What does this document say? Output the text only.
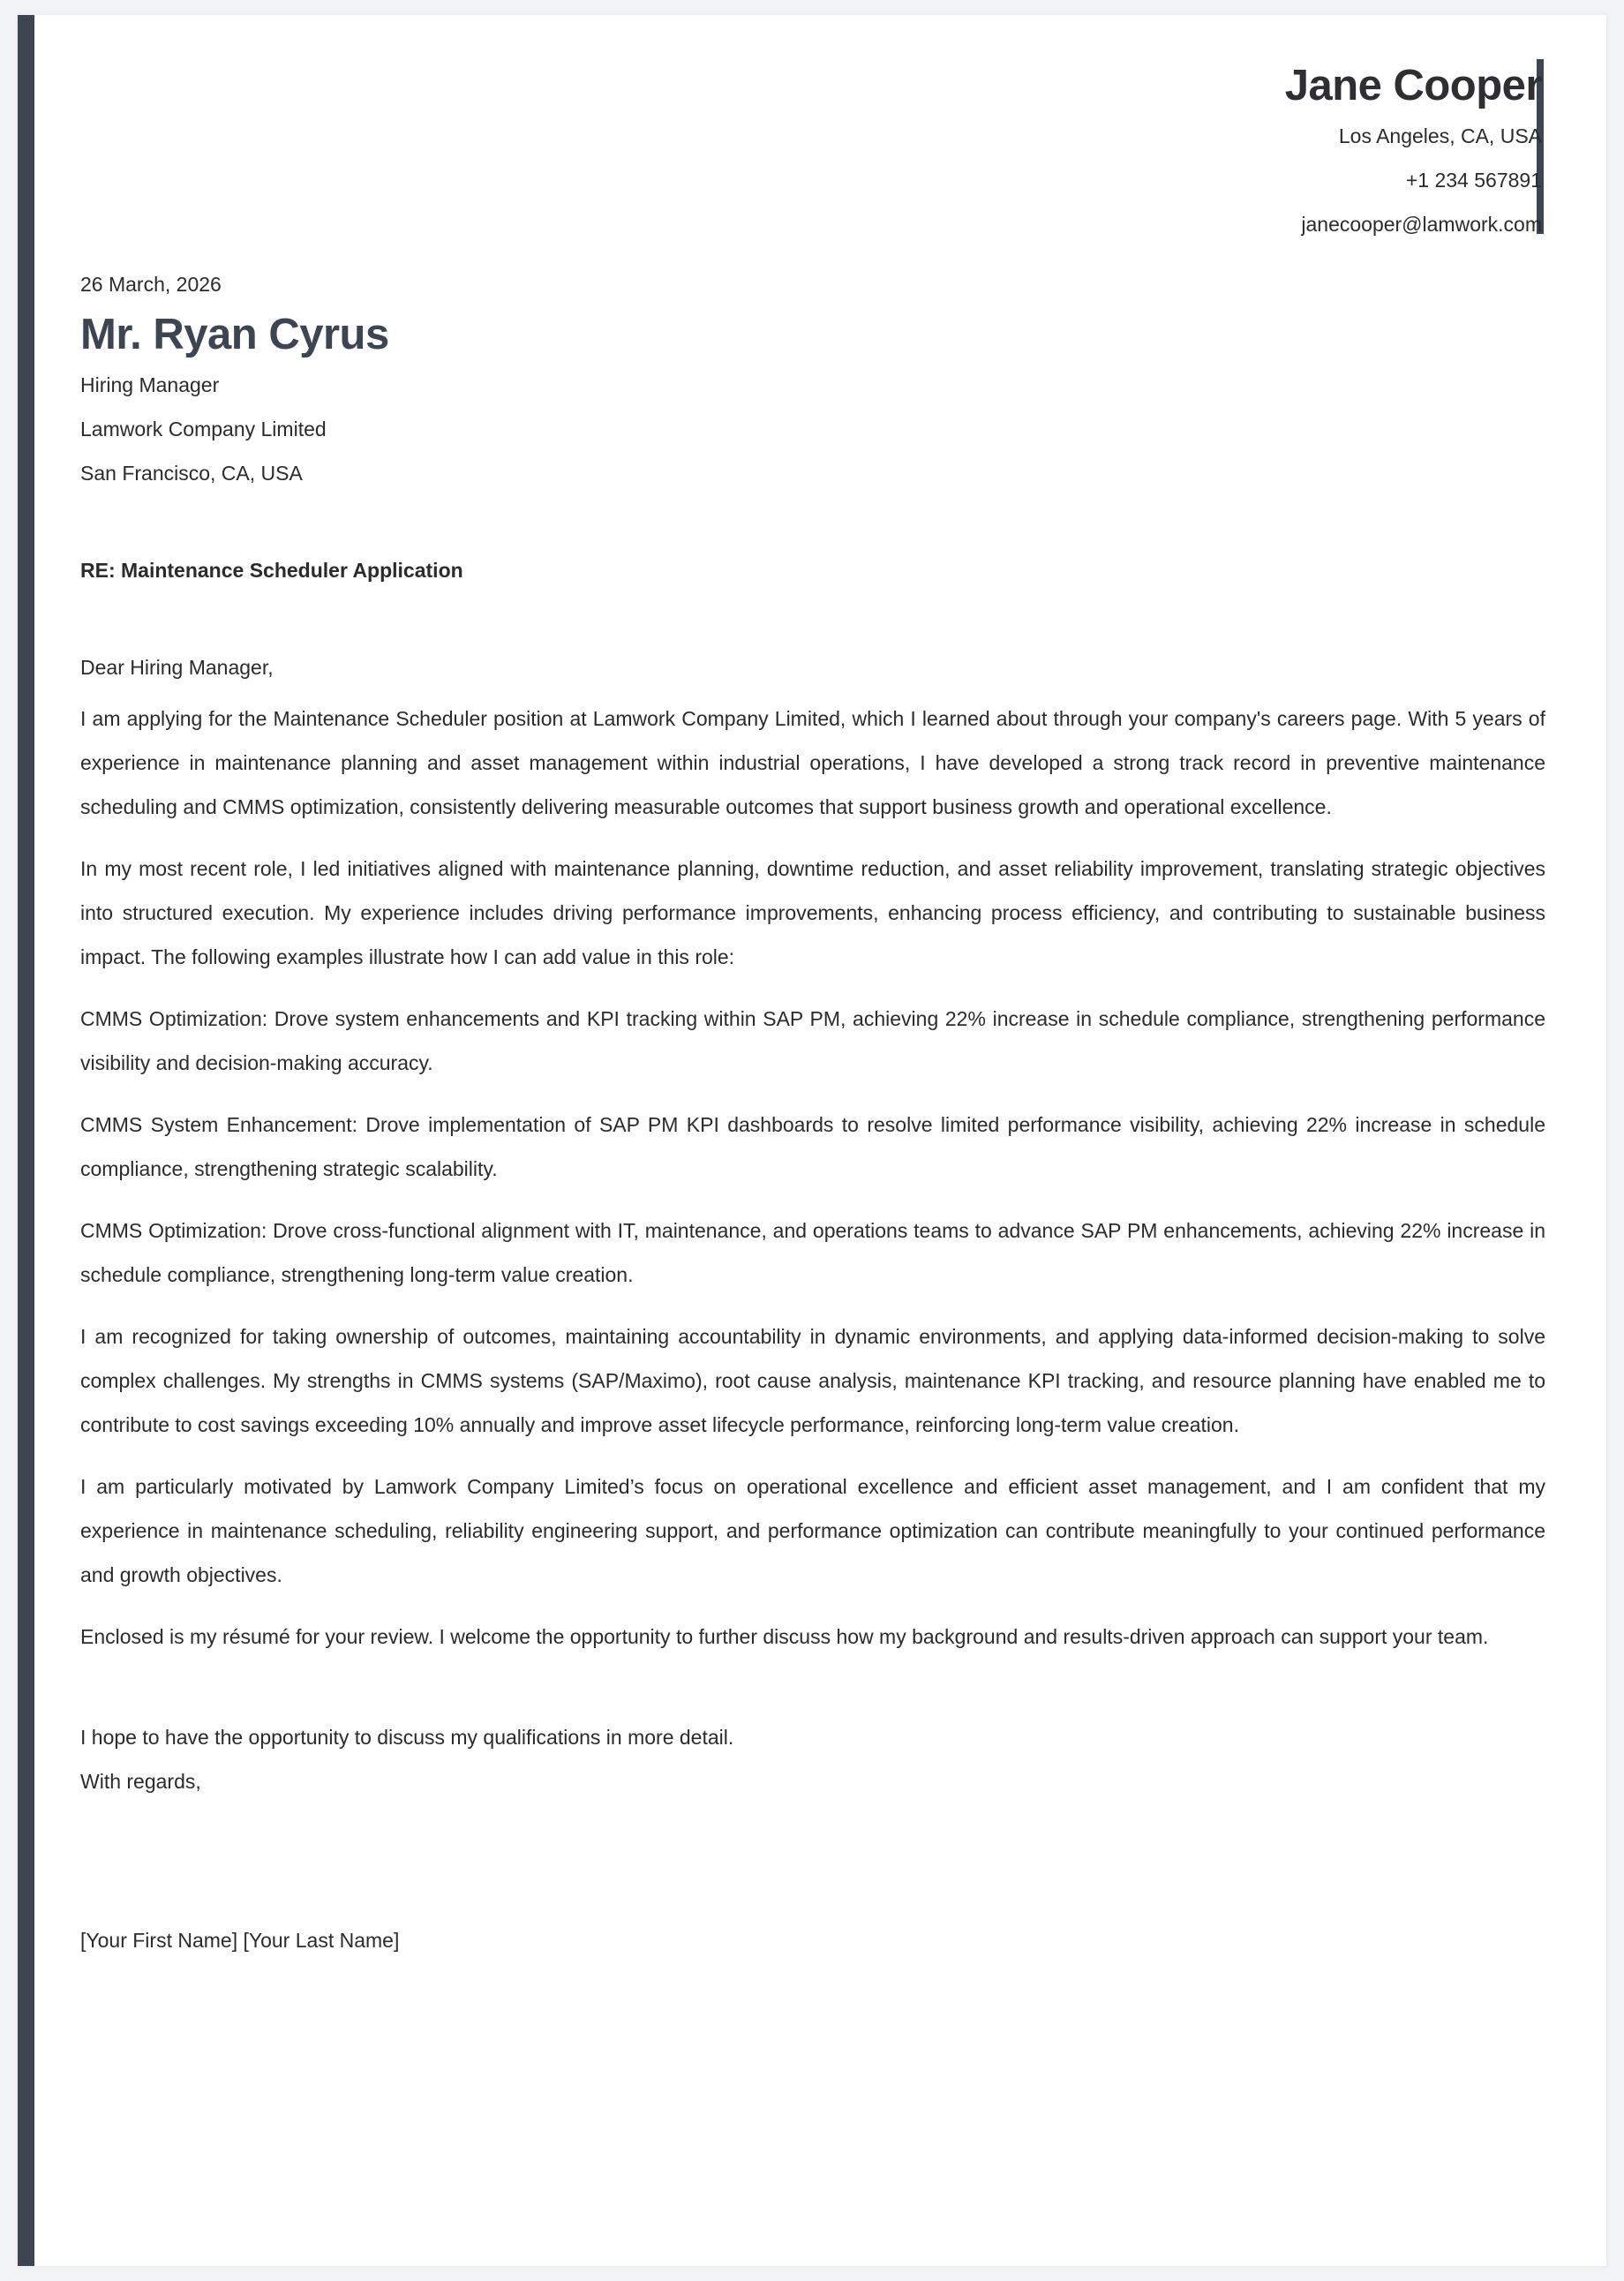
Jane Cooper
Los Angeles, CA, USA
+1 234 567891
janecooper@lamwork.com
26 March, 2026
Mr. Ryan Cyrus
Hiring Manager
Lamwork Company Limited
San Francisco, CA, USA
RE: Maintenance Scheduler Application
Dear Hiring Manager,
I am applying for the Maintenance Scheduler position at Lamwork Company Limited, which I learned about through your company's careers page. With 5 years of experience in maintenance planning and asset management within industrial operations, I have developed a strong track record in preventive maintenance scheduling and CMMS optimization, consistently delivering measurable outcomes that support business growth and operational excellence.
In my most recent role, I led initiatives aligned with maintenance planning, downtime reduction, and asset reliability improvement, translating strategic objectives into structured execution. My experience includes driving performance improvements, enhancing process efficiency, and contributing to sustainable business impact. The following examples illustrate how I can add value in this role:
CMMS Optimization: Drove system enhancements and KPI tracking within SAP PM, achieving 22% increase in schedule compliance, strengthening performance visibility and decision-making accuracy.
CMMS System Enhancement: Drove implementation of SAP PM KPI dashboards to resolve limited performance visibility, achieving 22% increase in schedule compliance, strengthening strategic scalability.
CMMS Optimization: Drove cross-functional alignment with IT, maintenance, and operations teams to advance SAP PM enhancements, achieving 22% increase in schedule compliance, strengthening long-term value creation.
I am recognized for taking ownership of outcomes, maintaining accountability in dynamic environments, and applying data-informed decision-making to solve complex challenges. My strengths in CMMS systems (SAP/Maximo), root cause analysis, maintenance KPI tracking, and resource planning have enabled me to contribute to cost savings exceeding 10% annually and improve asset lifecycle performance, reinforcing long-term value creation.
I am particularly motivated by Lamwork Company Limited’s focus on operational excellence and efficient asset management, and I am confident that my experience in maintenance scheduling, reliability engineering support, and performance optimization can contribute meaningfully to your continued performance and growth objectives.
Enclosed is my résumé for your review. I welcome the opportunity to further discuss how my background and results-driven approach can support your team.
I hope to have the opportunity to discuss my qualifications in more detail.
With regards,
[Your First Name] [Your Last Name]
